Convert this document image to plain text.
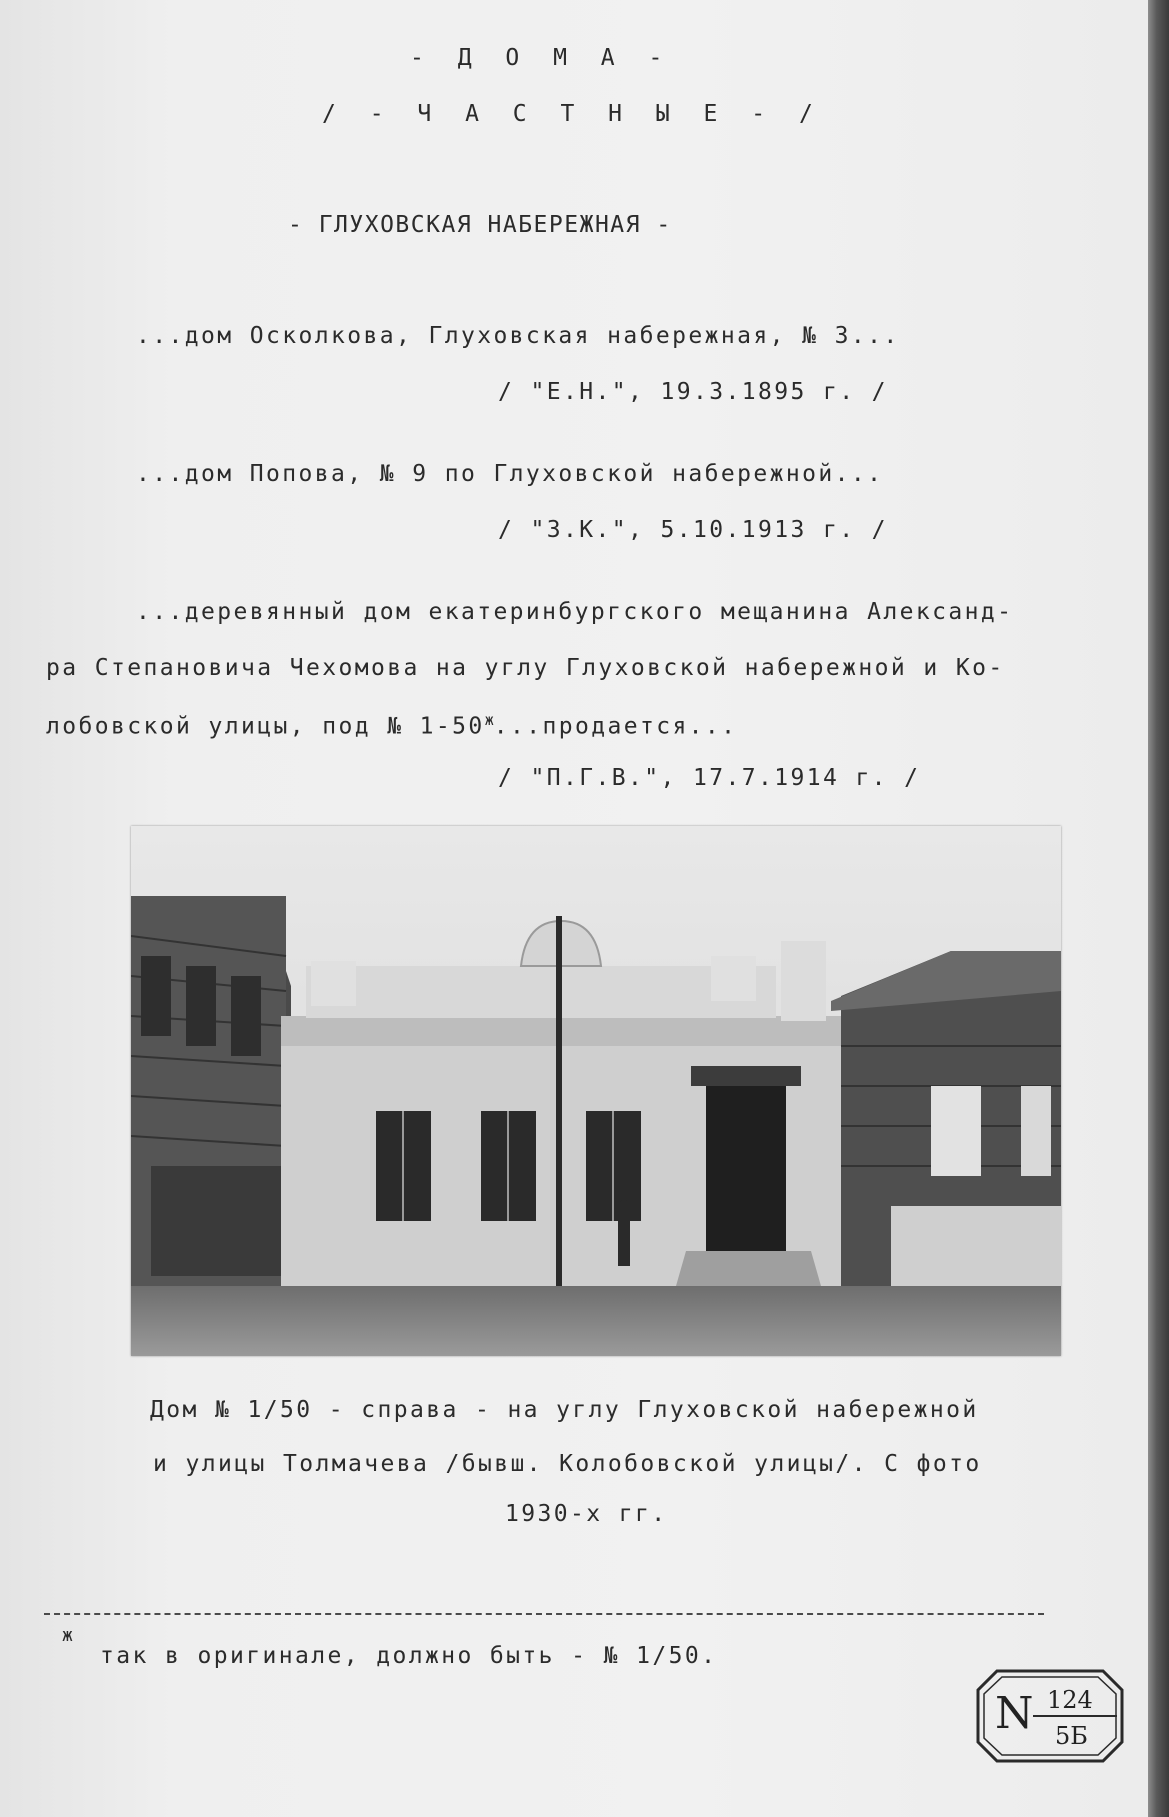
- Д О М А -
/ - Ч А С Т Н Ы Е - /
- ГЛУХОВСКАЯ НАБЕРЕЖНАЯ -
...дом Осколкова, Глуховская набережная, № 3...
/ "Е.Н.", 19.3.1895 г. /
...дом Попова, № 9 по Глуховской набережной...
/ "З.К.", 5.10.1913 г. /
...деревянный дом екатеринбургского мещанина Александ-
ра Степановича Чехомова на углу Глуховской набережной и Ко-
лобовской улицы, под № $1-50^ж...продается$...
/ "П.Г.В.", 17.7.1914 г. /
Дом № 1/50 - справа - на углу Глуховской набережной
и улицы Толмачева /бывш. Колобовской улицы/. С фото
1930-х гг.
ж
так в оригинале, должно быть - № 1/50.
N 124
5Б
